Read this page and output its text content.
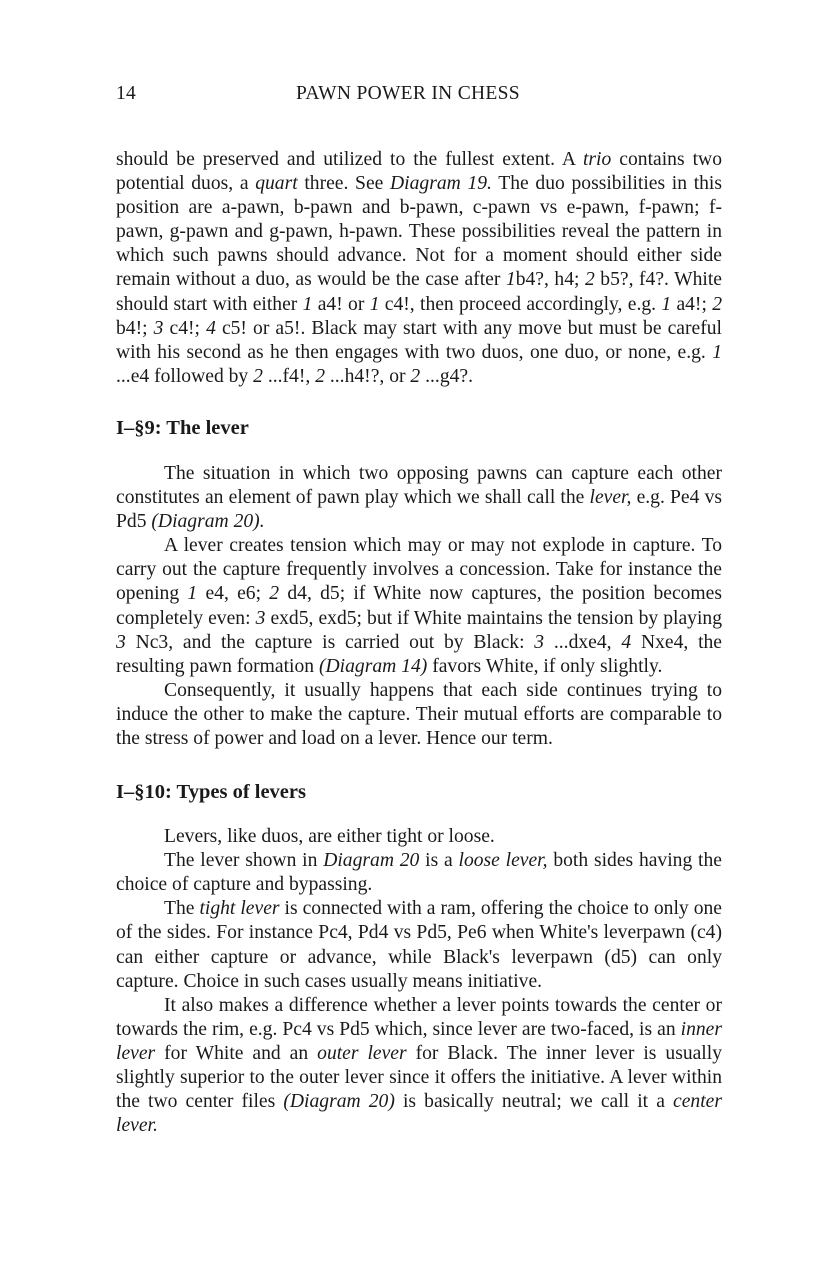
14	PAWN POWER IN CHESS

should be preserved and utilized to the fullest extent. A trio contains two potential duos, a quart three. See Diagram 19. The duo possibilities in this position are a-pawn, b-pawn and b-pawn, c-pawn vs e-pawn, f-pawn; f-pawn, g-pawn and g-pawn, h-pawn. These possibilities reveal the pattern in which such pawns should advance. Not for a moment should either side remain without a duo, as would be the case after 1b4?, h4; 2 b5?, f4?. White should start with either 1 a4! or 1 c4!, then proceed accordingly, e.g. 1 a4!; 2 b4!; 3 c4!; 4 c5! or a5!. Black may start with any move but must be careful with his second as he then engages with two duos, one duo, or none, e.g. 1 ...e4 followed by 2 ...f4!, 2 ...h4!?, or 2 ...g4?.

I–§9: The lever

The situation in which two opposing pawns can capture each other constitutes an element of pawn play which we shall call the lever, e.g. Pe4 vs Pd5 (Diagram 20).

A lever creates tension which may or may not explode in capture. To carry out the capture frequently involves a concession. Take for instance the opening 1 e4, e6; 2 d4, d5; if White now captures, the position becomes completely even: 3 exd5, exd5; but if White maintains the tension by playing 3 Nc3, and the capture is carried out by Black: 3 ...dxe4, 4 Nxe4, the resulting pawn formation (Diagram 14) favors White, if only slightly.

Consequently, it usually happens that each side continues trying to induce the other to make the capture. Their mutual efforts are comparable to the stress of power and load on a lever. Hence our term.

I–§10: Types of levers

Levers, like duos, are either tight or loose.

The lever shown in Diagram 20 is a loose lever, both sides having the choice of capture and bypassing.

The tight lever is connected with a ram, offering the choice to only one of the sides. For instance Pc4, Pd4 vs Pd5, Pe6 when White's leverpawn (c4) can either capture or advance, while Black's leverpawn (d5) can only capture. Choice in such cases usually means initiative.

It also makes a difference whether a lever points towards the center or towards the rim, e.g. Pc4 vs Pd5 which, since lever are two-faced, is an inner lever for White and an outer lever for Black. The inner lever is usually slightly superior to the outer lever since it offers the initiative. A lever within the two center files (Diagram 20) is basically neutral; we call it a center lever.
